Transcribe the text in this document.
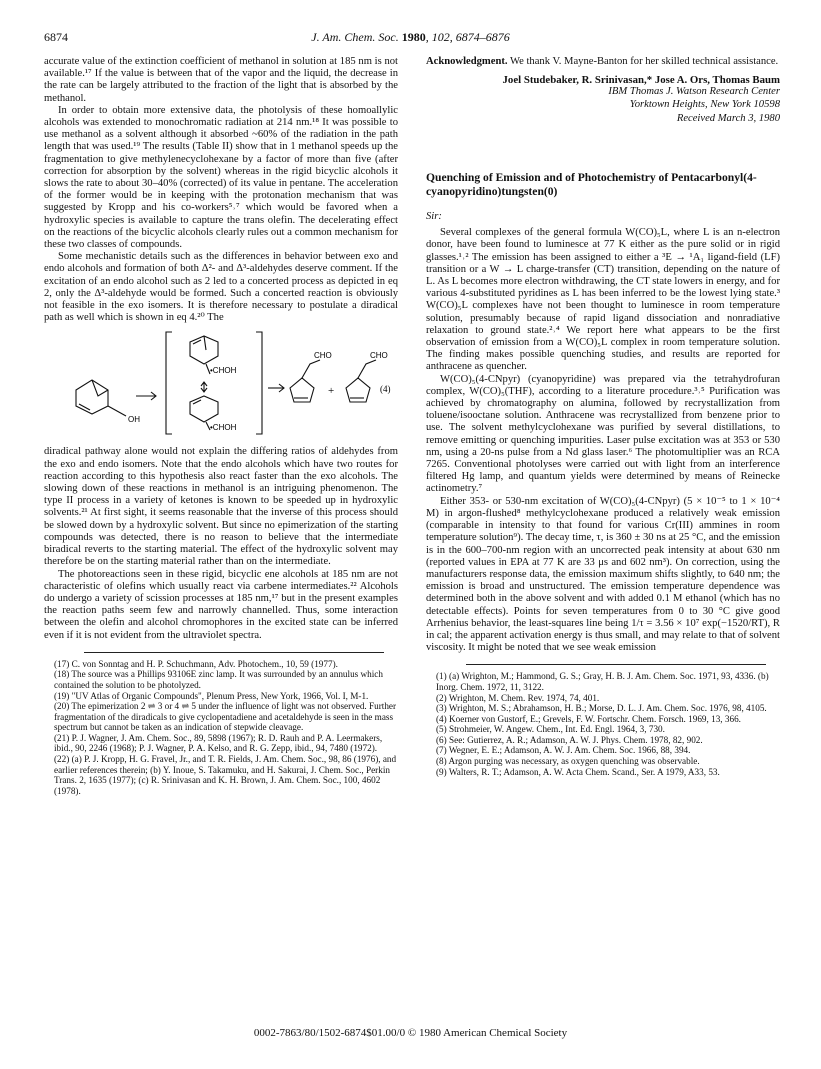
6874	J. Am. Chem. Soc. 1980, 102, 6874–6876

accurate value of the extinction coefficient of methanol in solution at 185 nm is not available.¹⁷ If the value is between that of the vapor and the liquid, the decrease in the rate can be largely attributed to the fraction of the light that is absorbed by the methanol.

In order to obtain more extensive data, the photolysis of these homoallylic alcohols was extended to monochromatic radiation at 214 nm.¹⁸ It was possible to use methanol as a solvent although it absorbed ~60% of the radiation in the path length that was used.¹⁹ The results (Table II) show that in 1 methanol speeds up the fragmentation to give methylenecyclohexane by a factor of more than five (after correction for absorption by the solvent) whereas in the rigid bicyclic alcohols it slows the rate to about 30–40% (corrected) of its value in pentane. The acceleration of the former would be in keeping with the protonation mechanism that was suggested by Kropp and his co-workers⁵˒⁷ which would be favored when a hydroxylic species is available to capture the trans olefin. The decelerating effect on the reactions of the bicyclic alcohols clearly rules out a common mechanism for these two classes of compounds.

Some mechanistic details such as the differences in behavior between exo and endo alcohols and formation of both Δ²- and Δ³-aldehydes deserve comment. If the excitation of an endo alcohol such as 2 led to a concerted process as depicted in eq 2, only the Δ³-aldehyde would be formed. Such a concerted reaction is obviously not feasible in the exo isomers. It is therefore necessary to postulate a diradical path as well which is shown in eq 4.²⁰ The

OH
•CHOH
•CHOH
CHO	CHO
+	(4)

diradical pathway alone would not explain the differing ratios of aldehydes from the exo and endo isomers. Note that the endo alcohols which have two routes for reaction according to this hypothesis also react faster than the exo alcohols. The slowing down of these reactions in methanol is an intriguing phenomenon. The type II process in a variety of ketones is known to be speeded up in hydroxylic solvents.²¹ At first sight, it seems reasonable that the inverse of this process should be slowed down by a hydroxylic solvent. But since no epimerization of the starting compounds was detected, there is no reason to believe that the intermediate biradical reverts to the starting material. The effect of the hydroxylic solvent may therefore be on the starting material rather than on the intermediate.

The photoreactions seen in these rigid, bicyclic ene alcohols at 185 nm are not characteristic of olefins which usually react via carbene intermediates.²² Alcohols do undergo a variety of scission processes at 185 nm,¹⁷ but in the present examples the reaction paths seem few and narrowly channelled. Thus, some interaction between the olefin and alcohol chromophores in the excited state can be inferred even if it is not evident from the ultraviolet spectra.

(17) C. von Sonntag and H. P. Schuchmann, Adv. Photochem., 10, 59 (1977).

(18) The source was a Phillips 93106E zinc lamp. It was surrounded by an annulus which contained the solution to be photolyzed.

(19) "UV Atlas of Organic Compounds", Plenum Press, New York, 1966, Vol. I, M-1.

(20) The epimerization 2 ⇌ 3 or 4 ⇌ 5 under the influence of light was not observed. Further fragmentation of the diradicals to give cyclopentadiene and acetaldehyde is seen in the mass spectrum but cannot be taken as an indication of stepwide cleavage.

(21) P. J. Wagner, J. Am. Chem. Soc., 89, 5898 (1967); R. D. Rauh and P. A. Leermakers, ibid., 90, 2246 (1968); P. J. Wagner, P. A. Kelso, and R. G. Zepp, ibid., 94, 7480 (1972).

(22) (a) P. J. Kropp, H. G. Fravel, Jr., and T. R. Fields, J. Am. Chem. Soc., 98, 86 (1976), and earlier references therein; (b) Y. Inoue, S. Takamuku, and H. Sakurai, J. Chem. Soc., Perkin Trans. 2, 1635 (1977); (c) R. Srinivasan and K. H. Brown, J. Am. Chem. Soc., 100, 4602 (1978).

Acknowledgment. We thank V. Mayne-Banton for her skilled technical assistance.

Joel Studebaker, R. Srinivasan,* Jose A. Ors, Thomas Baum
IBM Thomas J. Watson Research Center
Yorktown Heights, New York 10598
Received March 3, 1980

Quenching of Emission and of Photochemistry of Pentacarbonyl(4-cyanopyridino)tungsten(0)

Sir:

Several complexes of the general formula W(CO)₅L, where L is an n-electron donor, have been found to luminesce at 77 K either as the pure solid or in rigid glasses.¹˒² The emission has been assigned to either a ³E → ¹A₁ ligand-field (LF) transition or a W → L charge-transfer (CT) transition, depending on the nature of L. As L becomes more electron withdrawing, the CT state lowers in energy, and for various 4-substituted pyridines as L has been inferred to be the lowest lying state.³ W(CO)₅L complexes have not been thought to luminesce in room temperature solution, presumably because of rapid ligand dissociation and nonradiative relaxation to ground state.²˒⁴ We report here what appears to be the first observation of emission from a W(CO)₅L complex in room temperature solution. The finding makes possible quenching studies, and results are reported for anthracene as quencher.

W(CO)₅(4-CNpyr) (cyanopyridine) was prepared via the tetrahydrofuran complex, W(CO)₅(THF), according to a literature procedure.³˒⁵ Purification was achieved by chromatography on alumina, followed by recrystallization from toluene/isooctane solution. Anthracene was recrystallized from benzene prior to use. The solvent methylcyclohexane was purified by several distillations, to remove emitting or quenching impurities. Laser pulse excitation was at 353 or 530 nm, using a 20-ns pulse from a Nd glass laser.⁶ The photomultiplier was an RCA 7265. Conventional photolyses were carried out with light from an interference filtered Hg lamp, and quantum yields were determined by means of Reinecke actinometry.⁷

Either 353- or 530-nm excitation of W(CO)₅(4-CNpyr) (5 × 10⁻⁵ to 1 × 10⁻⁴ M) in argon-flushed⁸ methylcyclohexane produced a relatively weak emission (comparable in intensity to that found for various Cr(III) ammines in room temperature solution⁹). The decay time, τ, is 360 ± 30 ns at 25 °C, and the emission is in the 600–700-nm region with an uncorrected peak intensity at about 630 nm (reported values in EPA at 77 K are 33 μs and 602 nm³). On correction, using the manufacturers response data, the emission maximum shifts slightly, to 640 nm; the emission is broad and unstructured. The emission temperature dependence was determined both in the above solvent and with added 0.1 M ethanol (which has no detectable effects). Points for seven temperatures from 0 to 30 °C give good Arrhenius behavior, the least-squares line being 1/τ = 3.56 × 10⁷ exp(−1520/RT), R in cal; the apparent activation energy is thus small, and may relate to that of solvent viscosity. It might be noted that we see weak emission

(1) (a) Wrighton, M.; Hammond, G. S.; Gray, H. B. J. Am. Chem. Soc. 1971, 93, 4336. (b) Inorg. Chem. 1972, 11, 3122.

(2) Wrighton, M. Chem. Rev. 1974, 74, 401.

(3) Wrighton, M. S.; Abrahamson, H. B.; Morse, D. L. J. Am. Chem. Soc. 1976, 98, 4105.

(4) Koerner von Gustorf, E.; Grevels, F. W. Fortschr. Chem. Forsch. 1969, 13, 366.

(5) Strohmeier, W. Angew. Chem., Int. Ed. Engl. 1964, 3, 730.

(6) See: Gutierrez, A. R.; Adamson, A. W. J. Phys. Chem. 1978, 82, 902.

(7) Wegner, E. E.; Adamson, A. W. J. Am. Chem. Soc. 1966, 88, 394.

(8) Argon purging was necessary, as oxygen quenching was observable.

(9) Walters, R. T.; Adamson, A. W. Acta Chem. Scand., Ser. A 1979, A33, 53.

0002-7863/80/1502-6874$01.00/0 © 1980 American Chemical Society
